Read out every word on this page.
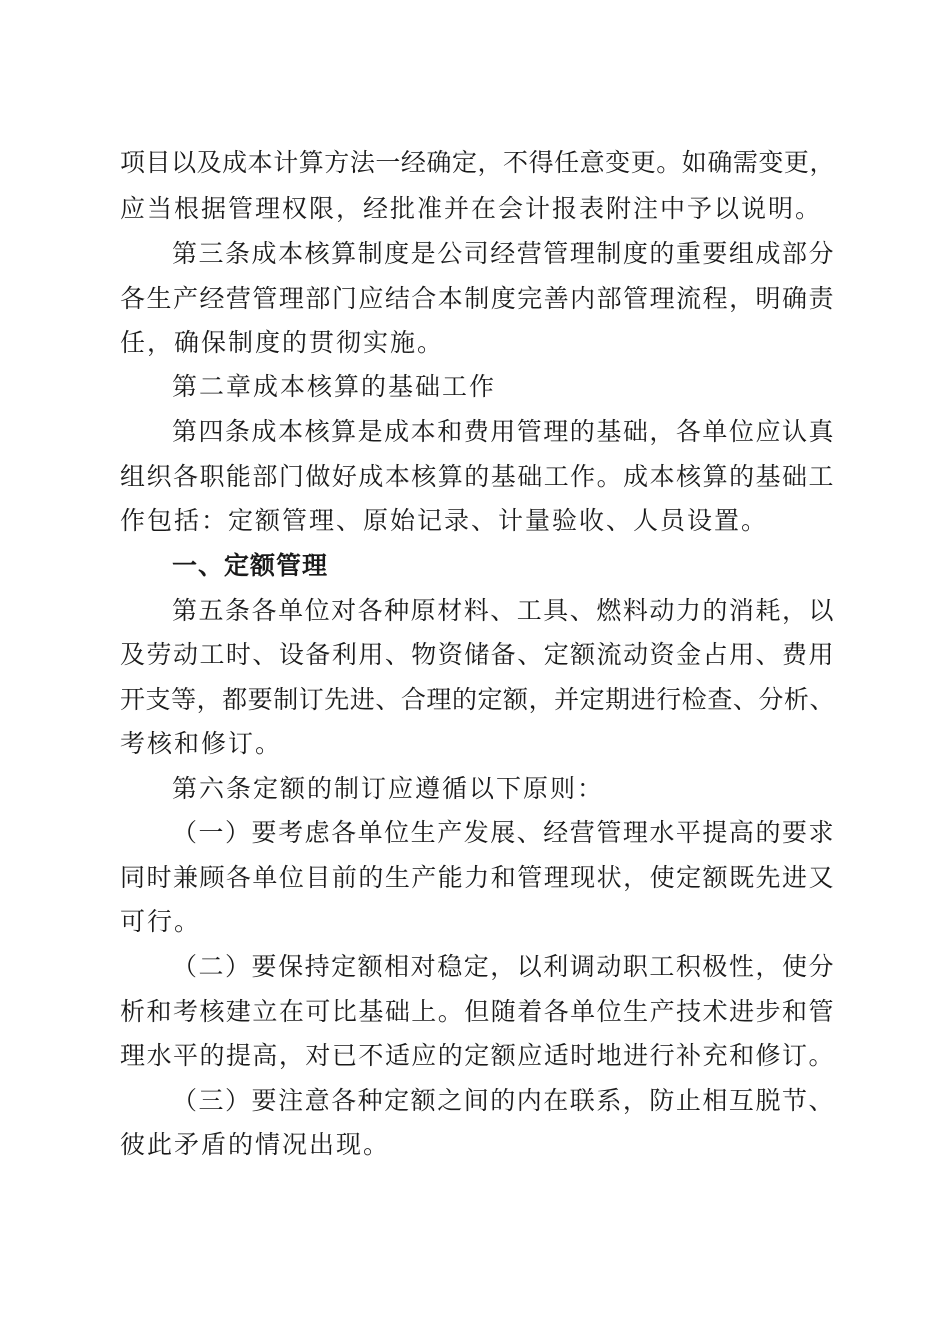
项目以及成本计算方法一经确定，不得任意变更。如确需变更，
应当根据管理权限，经批准并在会计报表附注中予以说明。
第三条成本核算制度是公司经营管理制度的重要组成部分
各生产经营管理部门应结合本制度完善内部管理流程，明确责
任，确保制度的贯彻实施。
第二章成本核算的基础工作
第四条成本核算是成本和费用管理的基础，各单位应认真
组织各职能部门做好成本核算的基础工作。成本核算的基础工
作包括：定额管理、原始记录、计量验收、人员设置。
一、定额管理
第五条各单位对各种原材料、工具、燃料动力的消耗，以
及劳动工时、设备利用、物资储备、定额流动资金占用、费用
开支等，都要制订先进、合理的定额，并定期进行检查、分析、
考核和修订。
第六条定额的制订应遵循以下原则：
（一）要考虑各单位生产发展、经营管理水平提高的要求
同时兼顾各单位目前的生产能力和管理现状，使定额既先进又
可行。
（二）要保持定额相对稳定，以利调动职工积极性，使分
析和考核建立在可比基础上。但随着各单位生产技术进步和管
理水平的提高，对已不适应的定额应适时地进行补充和修订。
（三）要注意各种定额之间的内在联系，防止相互脱节、
彼此矛盾的情况出现。
